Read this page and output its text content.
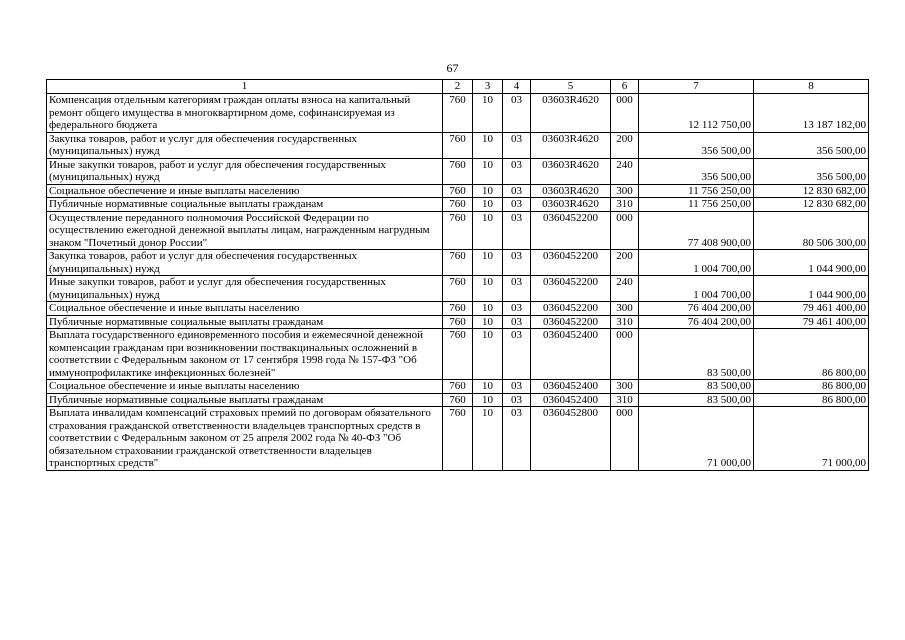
67
1	2	3	4	5	6	7	8
Компенсация отдельным категориям граждан оплаты взноса на капитальный ремонт общего имущества в многоквартирном доме, софинансируемая из федерального бюджета	760	10	03	03603R4620	000	12 112 750,00	13 187 182,00
Закупка товаров, работ и услуг для обеспечения государственных (муниципальных) нужд	760	10	03	03603R4620	200	356 500,00	356 500,00
Иные закупки товаров, работ и услуг для обеспечения государственных (муниципальных) нужд	760	10	03	03603R4620	240	356 500,00	356 500,00
Социальное обеспечение и иные выплаты населению	760	10	03	03603R4620	300	11 756 250,00	12 830 682,00
Публичные нормативные социальные выплаты гражданам	760	10	03	03603R4620	310	11 756 250,00	12 830 682,00
Осуществление переданного полномочия Российской Федерации по осуществлению ежегодной денежной выплаты лицам, награжденным нагрудным знаком "Почетный донор России"	760	10	03	0360452200	000	77 408 900,00	80 506 300,00
Закупка товаров, работ и услуг для обеспечения государственных (муниципальных) нужд	760	10	03	0360452200	200	1 004 700,00	1 044 900,00
Иные закупки товаров, работ и услуг для обеспечения государственных (муниципальных) нужд	760	10	03	0360452200	240	1 004 700,00	1 044 900,00
Социальное обеспечение и иные выплаты населению	760	10	03	0360452200	300	76 404 200,00	79 461 400,00
Публичные нормативные социальные выплаты гражданам	760	10	03	0360452200	310	76 404 200,00	79 461 400,00
Выплата государственного единовременного пособия и ежемесячной денежной компенсации гражданам при возникновении поствакцинальных осложнений в соответствии с Федеральным законом от 17 сентября 1998 года № 157-ФЗ "Об иммунопрофилактике инфекционных болезней"	760	10	03	0360452400	000	83 500,00	86 800,00
Социальное обеспечение и иные выплаты населению	760	10	03	0360452400	300	83 500,00	86 800,00
Публичные нормативные социальные выплаты гражданам	760	10	03	0360452400	310	83 500,00	86 800,00
Выплата инвалидам компенсаций страховых премий по договорам обязательного страхования гражданской ответственности владельцев транспортных средств в соответствии с Федеральным законом от 25 апреля 2002 года № 40-ФЗ "Об обязательном страховании гражданской ответственности владельцев транспортных средств"	760	10	03	0360452800	000	71 000,00	71 000,00
